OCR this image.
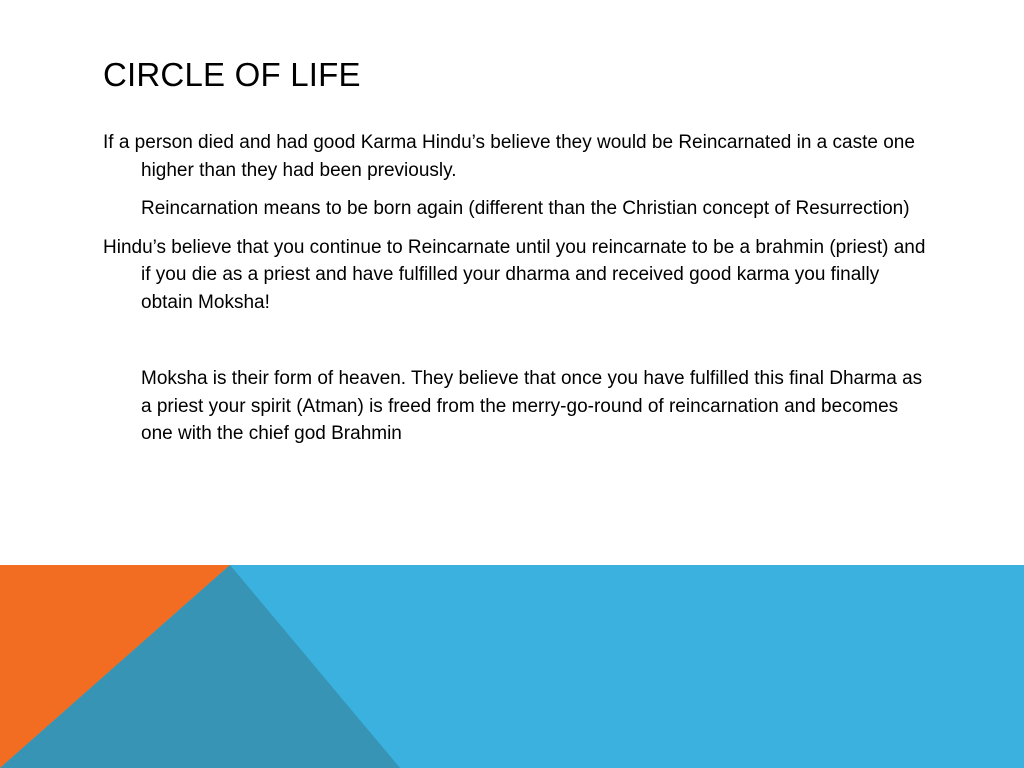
CIRCLE OF LIFE

If a person died and had good Karma Hindu’s believe they would be Reincarnated in a caste one higher than they had been previously.

Reincarnation means to be born again (different than the Christian concept of Resurrection)

Hindu’s believe that you continue to Reincarnate until you reincarnate to be a brahmin (priest) and if you die as a priest and have fulfilled your dharma and received good karma you finally obtain Moksha!

Moksha is their form of heaven. They believe that once you have fulfilled this final Dharma as a priest your spirit (Atman) is freed from the merry-go-round of reincarnation and becomes one with the chief god Brahmin
